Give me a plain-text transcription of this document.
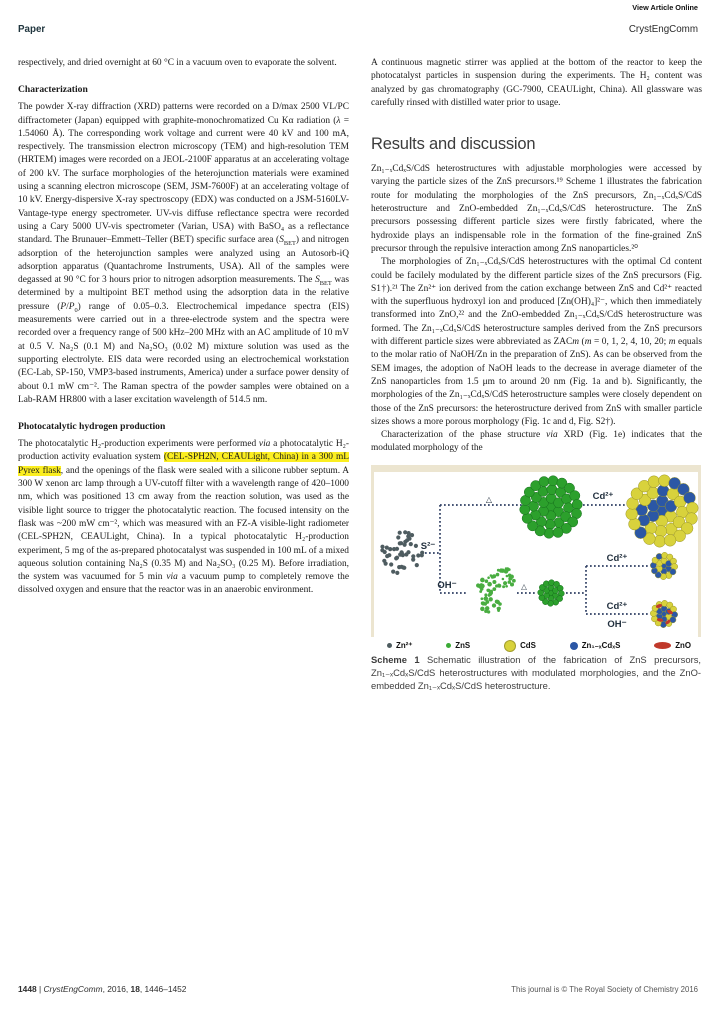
View Article Online
Paper	CrystEngComm

respectively, and dried overnight at 60 °C in a vacuum oven to evaporate the solvent.

Characterization

The powder X-ray diffraction (XRD) patterns were recorded on a D/max 2500 VL/PC diffractometer (Japan) equipped with graphite-monochromatized Cu Kα radiation (λ = 1.54060 Å). The corresponding work voltage and current were 40 kV and 100 mA, respectively. The transmission electron microscopy (TEM) and high-resolution TEM (HRTEM) images were recorded on a JEOL-2100F apparatus at an accelerating voltage of 200 kV. The surface morphologies of the heterojunction materials were examined using a scanning electron microscope (SEM, JSM-7600F) at an accelerating voltage of 10 kV. Energy-dispersive X-ray spectroscopy (EDX) was conducted on a JSM-5160LV-Vantage-type energy spectrometer. UV-vis diffuse reflectance spectra were recorded using a Cary 5000 UV-vis spectrometer (Varian, USA) with BaSO₄ as a reflectance standard. The Brunauer–Emmett–Teller (BET) specific surface area $(S_{BET})$ and nitrogen adsorption of the heterojunction samples were analyzed using an Autosorb-iQ adsorption apparatus (Quantachrome Instruments, USA). All of the samples were degassed at 90 °C for 3 hours prior to nitrogen adsorption measurements. The $S_{BET}$ was determined by a multipoint BET method using the adsorption data in the relative pressure $(P/P_0)$ range of 0.05–0.3. Electrochemical impedance spectra (EIS) measurements were carried out in a three-electrode system and the spectra were recorded over a frequency range of 500 kHz–200 MHz with an AC amplitude of 10 mV at 0.5 V. Na₂S (0.1 M) and Na₂SO₃ (0.02 M) mixture solution was used as the supporting electrolyte. EIS data were recorded using an electrochemical workstation (EC-Lab, SP-150, VMP3-based instruments, America) under a surface power density of about 0.1 mW cm⁻². The Raman spectra of the powder samples were obtained on a Lab-RAM HR800 with a laser excitation wavelength of 514.5 nm.

Photocatalytic hydrogen production

The photocatalytic H₂-production experiments were performed via a photocatalytic H₂-production activity evaluation system (CEL-SPH2N, CEAULight, China) in a 300 mL Pyrex flask, and the openings of the flask were sealed with a silicone rubber septum. A 300 W xenon arc lamp through a UV-cutoff filter with a wavelength range of 420–1000 nm, which was positioned 13 cm away from the reaction solution, was used as the visible light source to trigger the photocatalytic reaction. The focused intensity on the flask was ~200 mW cm⁻², which was measured with an FZ-A visible-light radiometer (CEL-SPH2N, CEAULight, China). In a typical photocatalytic H₂-production experiment, 5 mg of the as-prepared photocatalyst was suspended in 100 mL of a mixed aqueous solution containing Na₂S (0.35 M) and Na₂SO₃ (0.25 M). Before irradiation, the system was vacuumed for 5 min via a vacuum pump to completely remove the dissolved oxygen and ensure that the reactor was in an anaerobic environment.

A continuous magnetic stirrer was applied at the bottom of the reactor to keep the photocatalyst particles in suspension during the experiments. The H₂ content was analyzed by gas chromatography (GC-7900, CEAULight, China). All glassware was carefully rinsed with distilled water prior to usage.

Results and discussion

Zn₁₋ₓCdₓS/CdS heterostructures with adjustable morphologies were accessed by varying the particle sizes of the ZnS precursors.¹⁹ Scheme 1 illustrates the fabrication route for modulating the morphologies of the ZnS precursors, Zn₁₋ₓCdₓS/CdS heterostructure and ZnO-embedded Zn₁₋ₓCdₓS/CdS heterostructure. The ZnS precursors possessing different particle sizes were firstly fabricated, where the hydroxide plays an indispensable role in the formation of the fine-grained ZnS precursor through the repulsive interaction among ZnS nanoparticles.²⁰

The morphologies of Zn₁₋ₓCdₓS/CdS heterostructures with the optimal Cd content could be facilely modulated by the different particle sizes of the ZnS precursors (Fig. S1†).²¹ The Zn²⁺ ion derived from the cation exchange between ZnS and Cd²⁺ reacted with the superfluous hydroxyl ion and produced [Zn(OH)₄]²⁻, which then immediately transformed into ZnO,²² and the ZnO-embedded Zn₁₋ₓCdₓS/CdS heterostructure was formed. The Zn₁₋ₓCdₓS/CdS heterostructure samples derived from the ZnS precursors with different particle sizes were abbreviated as ZACm (m = 0, 1, 2, 4, 10, 20; m equals to the molar ratio of NaOH/Zn in the preparation of ZnS). As can be observed from the SEM images, the adoption of NaOH leads to the decrease in average diameter of the ZnS nanoparticles from 1.5 μm to around 20 nm (Fig. 1a and b). Significantly, the morphologies of the Zn₁₋ₓCdₓS/CdS heterostructure samples were closely dependent on those of the ZnS precursors: the heterostructure derived from ZnS with smaller particle sizes shows a more porous morphology (Fig. 1c and d, Fig. S2†).

Characterization of the phase structure via XRD (Fig. 1e) indicates that the modulated morphology of the

S²⁻
△	Cd²⁺
OH⁻	△
Cd²⁺
Cd²⁺
OH⁻
Zn²⁺	ZnS	CdS	Zn₁₋ₓCdₓS	ZnO

Scheme 1 Schematic illustration of the fabrication of ZnS precursors, Zn₁₋ₓCdₓS/CdS heterostructures with modulated morphologies, and the ZnO-embedded Zn₁₋ₓCdₓS/CdS heterostructure.

1448 | CrystEngComm, 2016, 18, 1446–1452	This journal is © The Royal Society of Chemistry 2016
